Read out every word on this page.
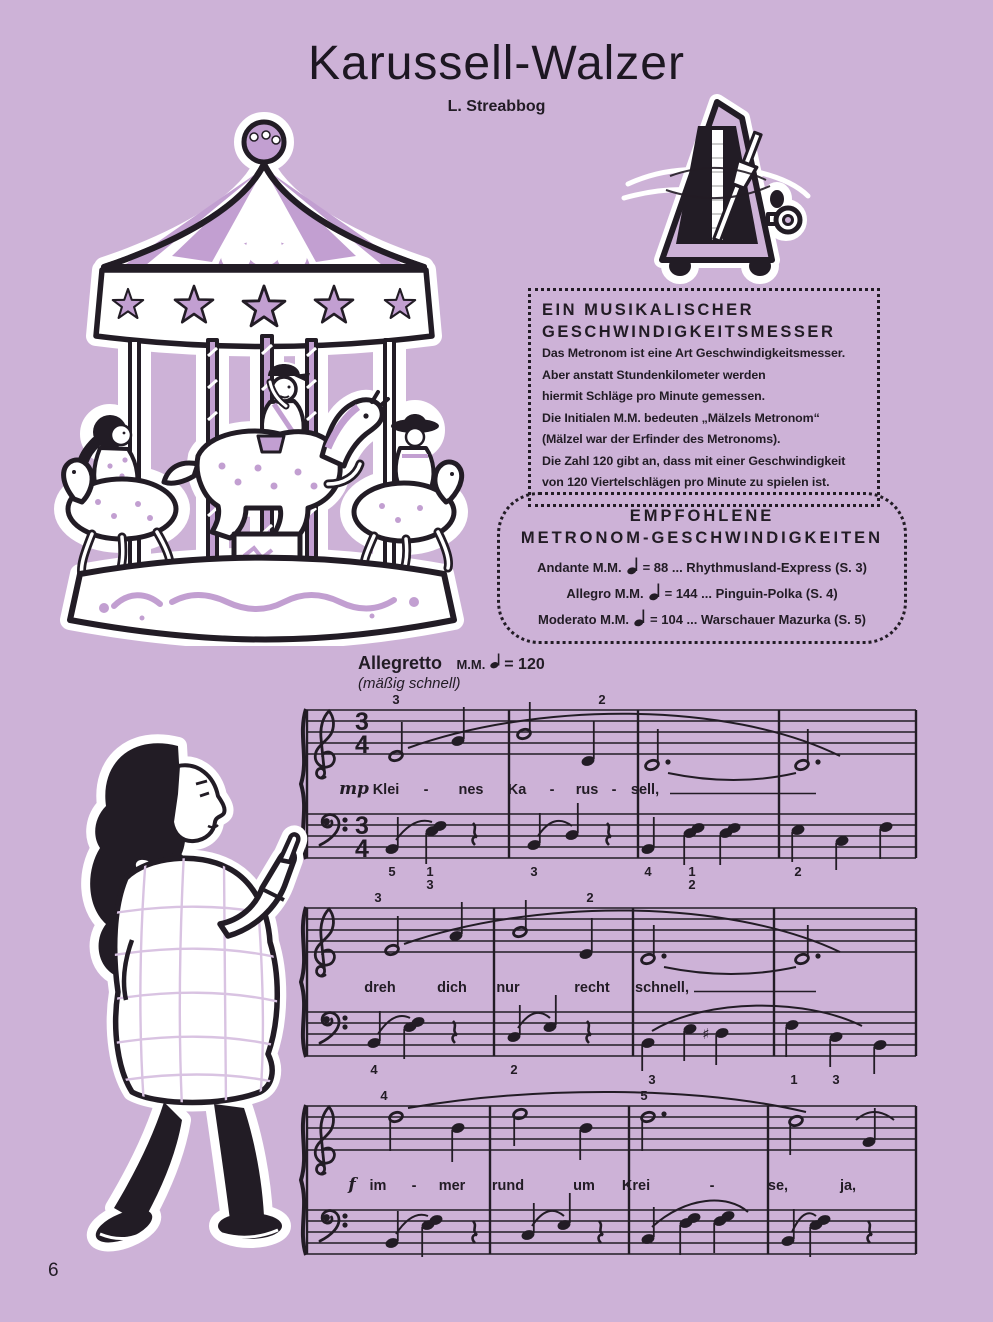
Karussell-Walzer
L. Streabbog
EIN MUSIKALISCHER
GESCHWINDIGKEITSMESSER
Das Metronom ist eine Art Geschwindigkeitsmesser.
Aber anstatt Stundenkilometer werden
hiermit Schläge pro Minute gemessen.
Die Initialen M.M. bedeuten „Mälzels Metronom“
(Mälzel war der Erfinder des Metronoms).
Die Zahl 120 gibt an, dass mit einer Geschwindigkeit
von 120 Viertelschlägen pro Minute zu spielen ist.
EMPFOHLENE
METRONOM-GESCHWINDIGKEITEN
Andante M.M. = 88 ... Rhythmusland-Express (S. 3)
Allegro M.M. = 144 ... Pinguin-Polka (S. 4)
Moderato M.M. = 104 ... Warschauer Mazurka (S. 5)
Allegretto M.M. = 120
(mäßig schnell)
3
4
3
4
3	2
mp Klei - nes Ka - rus - sell,
5 1
3
3	4	1
2
2
3	2
dreh	dich nur	recht schnell,
♯
4	2
3	1	3
4	5
f im - mer rund	um Krei	-	se,	ja,
6
